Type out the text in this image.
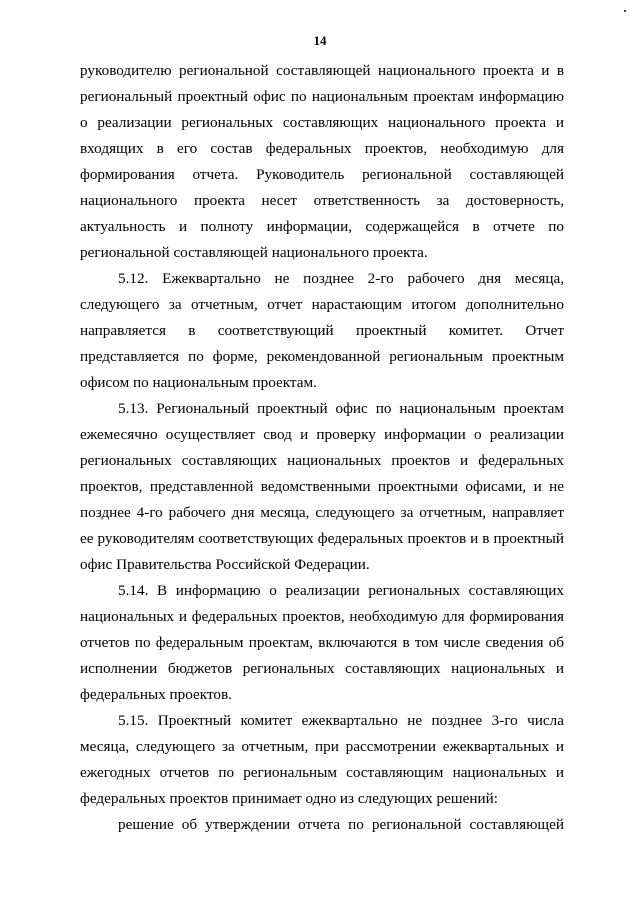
14

руководителю региональной составляющей национального проекта и в региональный проектный офис по национальным проектам информацию о реализации региональных составляющих национального проекта и входящих в его состав федеральных проектов, необходимую для формирования отчета. Руководитель региональной составляющей национального проекта несет ответственность за достоверность, актуальность и полноту информации, содержащейся в отчете по региональной составляющей национального проекта.

5.12. Ежеквартально не позднее 2-го рабочего дня месяца, следующего за отчетным, отчет нарастающим итогом дополнительно направляется в соответствующий проектный комитет. Отчет представляется по форме, рекомендованной региональным проектным офисом по национальным проектам.

5.13. Региональный проектный офис по национальным проектам ежемесячно осуществляет свод и проверку информации о реализации региональных составляющих национальных проектов и федеральных проектов, представленной ведомственными проектными офисами, и не позднее 4-го рабочего дня месяца, следующего за отчетным, направляет ее руководителям соответствующих федеральных проектов и в проектный офис Правительства Российской Федерации.

5.14. В информацию о реализации региональных составляющих национальных и федеральных проектов, необходимую для формирования отчетов по федеральным проектам, включаются в том числе сведения об исполнении бюджетов региональных составляющих национальных и федеральных проектов.

5.15. Проектный комитет ежеквартально не позднее 3-го числа месяца, следующего за отчетным, при рассмотрении ежеквартальных и ежегодных отчетов по региональным составляющим национальных и федеральных проектов принимает одно из следующих решений:

решение об утверждении отчета по региональной составляющей
